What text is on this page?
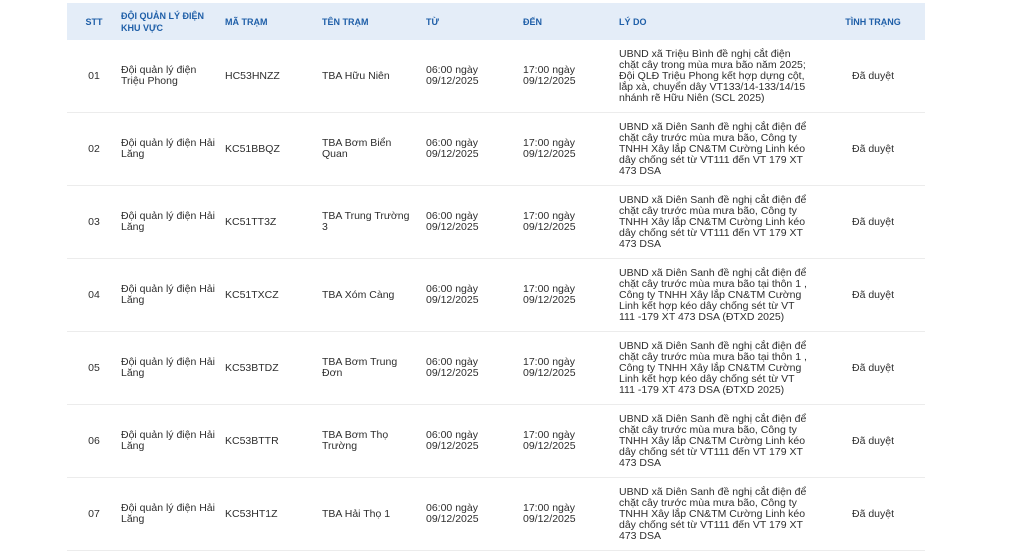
STT	ĐỘI QUẢN LÝ ĐIỆN KHU VỰC	MÃ TRẠM	TÊN TRẠM	TỪ	ĐẾN	LÝ DO	TÌNH TRẠNG
01	Đội quản lý điện Triệu Phong	HC53HNZZ	TBA Hữu Niên	06:00 ngày 09/12/2025	17:00 ngày 09/12/2025	UBND xã Triệu Bình đề nghị cắt điện chặt cây trong mùa mưa bão năm 2025; Đội QLĐ Triệu Phong kết hợp dựng cột, lắp xà, chuyển dây VT133/14-133/14/15 nhánh rẽ Hữu Niên (SCL 2025)	Đã duyệt
02	Đội quản lý điện Hải Lăng	KC51BBQZ	TBA Bơm Biển Quan	06:00 ngày 09/12/2025	17:00 ngày 09/12/2025	UBND xã Diên Sanh đề nghị cắt điện để chặt cây trước mùa mưa bão, Công ty TNHH Xây lắp CN&TM Cường Linh kéo dây chống sét từ VT111 đến VT 179 XT 473 DSA	Đã duyệt
03	Đội quản lý điện Hải Lăng	KC51TT3Z	TBA Trung Trường 3	06:00 ngày 09/12/2025	17:00 ngày 09/12/2025	UBND xã Diên Sanh đề nghị cắt điện để chặt cây trước mùa mưa bão, Công ty TNHH Xây lắp CN&TM Cường Linh kéo dây chống sét từ VT111 đến VT 179 XT 473 DSA	Đã duyệt
04	Đội quản lý điện Hải Lăng	KC51TXCZ	TBA Xóm Càng	06:00 ngày 09/12/2025	17:00 ngày 09/12/2025	UBND xã Diên Sanh đề nghị cắt điện để chặt cây trước mùa mưa bão tại thôn 1 , Công ty TNHH Xây lắp CN&TM Cường Linh kết hợp kéo dây chống sét từ VT 111 -179 XT 473 DSA (ĐTXD 2025)	Đã duyệt
05	Đội quản lý điện Hải Lăng	KC53BTDZ	TBA Bơm Trung Đơn	06:00 ngày 09/12/2025	17:00 ngày 09/12/2025	UBND xã Diên Sanh đề nghị cắt điện để chặt cây trước mùa mưa bão tại thôn 1 , Công ty TNHH Xây lắp CN&TM Cường Linh kết hợp kéo dây chống sét từ VT 111 -179 XT 473 DSA (ĐTXD 2025)	Đã duyệt
06	Đội quản lý điện Hải Lăng	KC53BTTR	TBA Bơm Thọ Trường	06:00 ngày 09/12/2025	17:00 ngày 09/12/2025	UBND xã Diên Sanh đề nghị cắt điện để chặt cây trước mùa mưa bão, Công ty TNHH Xây lắp CN&TM Cường Linh kéo dây chống sét từ VT111 đến VT 179 XT 473 DSA	Đã duyệt
07	Đội quản lý điện Hải Lăng	KC53HT1Z	TBA Hải Thọ 1	06:00 ngày 09/12/2025	17:00 ngày 09/12/2025	UBND xã Diên Sanh đề nghị cắt điện để chặt cây trước mùa mưa bão, Công ty TNHH Xây lắp CN&TM Cường Linh kéo dây chống sét từ VT111 đến VT 179 XT 473 DSA	Đã duyệt
